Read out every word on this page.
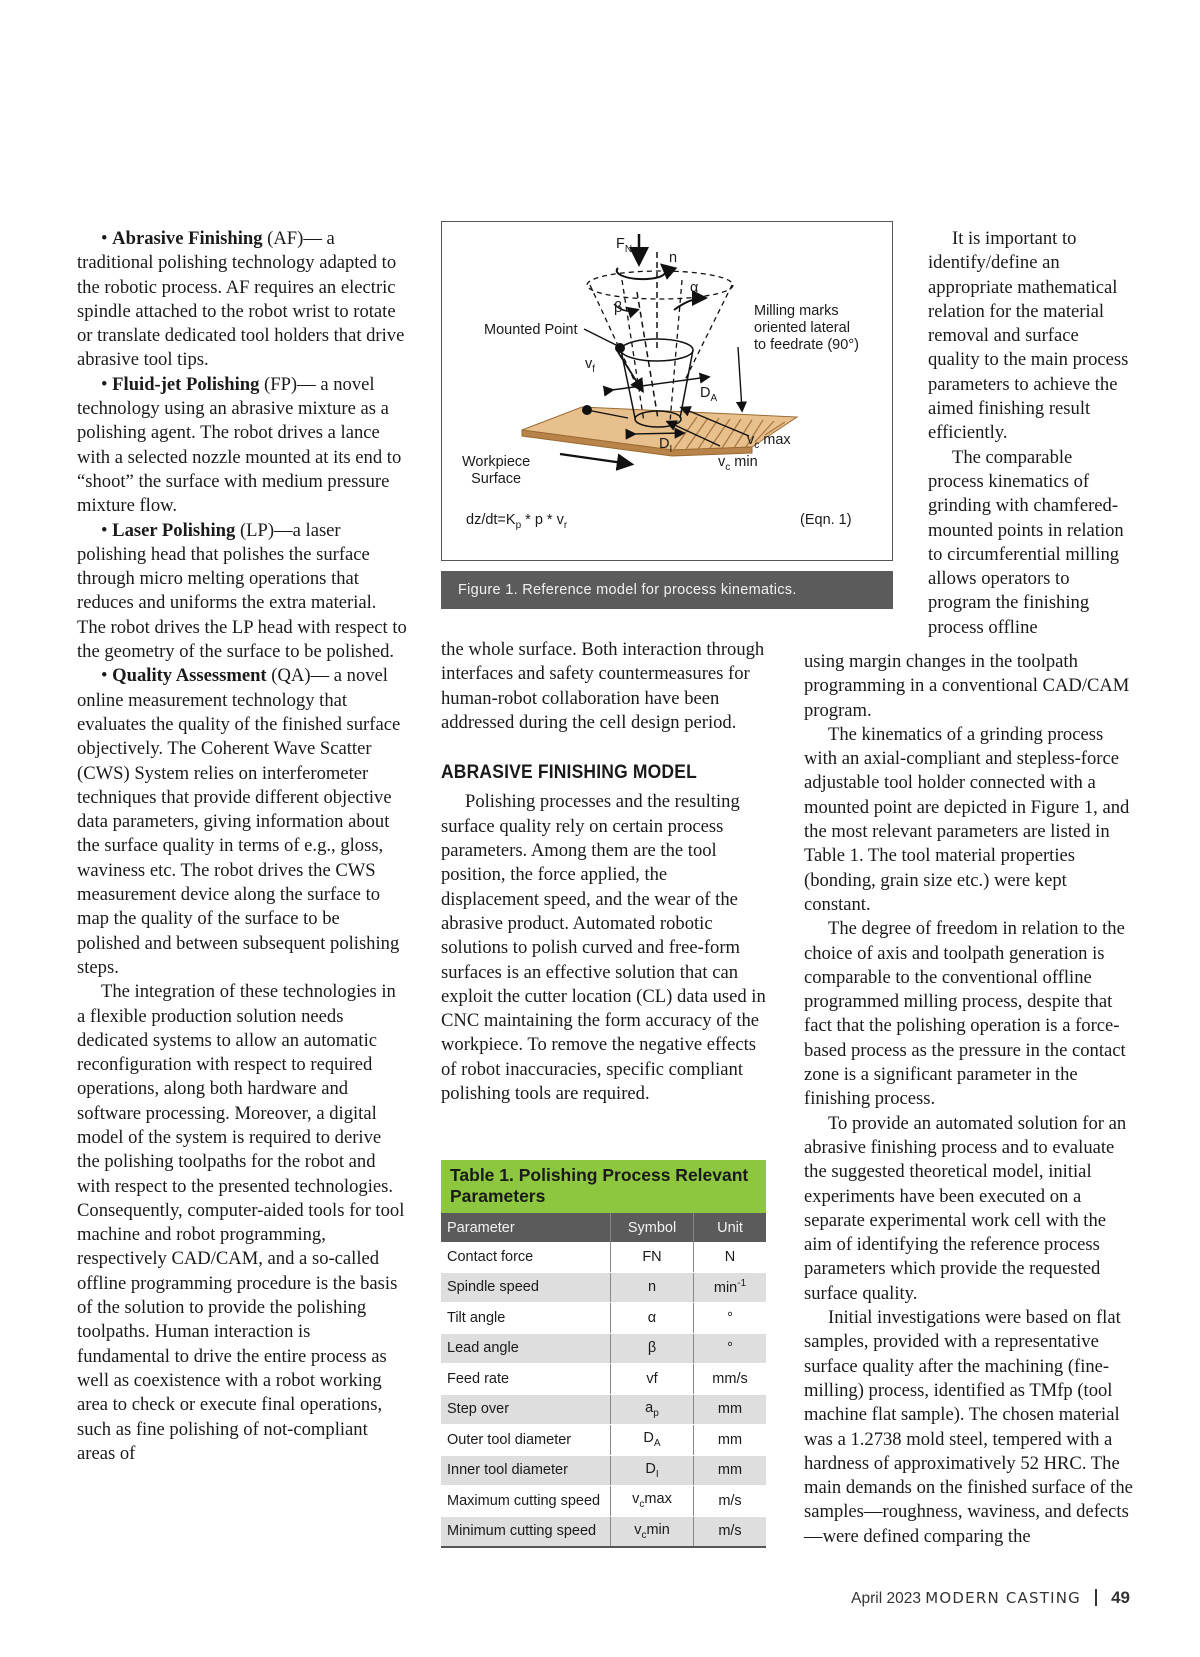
• Abrasive Finishing (AF)— a traditional polishing technology adapted to the robotic process. AF requires an electric spindle attached to the robot wrist to rotate or translate dedicated tool holders that drive abrasive tool tips.

• Fluid-jet Polishing (FP)— a novel technology using an abrasive mixture as a polishing agent. The robot drives a lance with a selected nozzle mounted at its end to “shoot” the surface with medium pressure mixture flow.

• Laser Polishing (LP)—a laser polishing head that polishes the surface through micro melting operations that reduces and uniforms the extra material. The robot drives the LP head with respect to the geometry of the surface to be polished.

• Quality Assessment (QA)— a novel online measurement technology that evaluates the quality of the finished surface objectively. The Coherent Wave Scatter (CWS) System relies on interferometer techniques that provide different objective data parameters, giving information about the surface quality in terms of e.g., gloss, waviness etc. The robot drives the CWS measurement device along the surface to map the quality of the surface to be polished and between subsequent polishing steps.

The integration of these technologies in a flexible production solution needs dedicated systems to allow an automatic reconfiguration with respect to required operations, along both hardware and software processing. Moreover, a digital model of the system is required to derive the polishing toolpaths for the robot and with respect to the presented technologies. Consequently, computer-aided tools for tool machine and robot programming, respectively CAD/CAM, and a so-called offline programming procedure is the basis of the solution to provide the polishing toolpaths. Human interaction is fundamental to drive the entire process as well as coexistence with a robot working area to check or execute final operations, such as fine polishing of not-compliant areas of

$F_N$
n
β
α
Mounted Point
Milling marks
oriented lateral
to feedrate (90°)
$v_f$
$D_A$
$D_I$
$v_c$ max
$v_c$ min
Workpiece
Surface
$dz/dt=K_p * p * v_r$	(Eqn. 1)
Figure 1. Reference model for process kinematics.

the whole surface. Both interaction through interfaces and safety countermeasures for human-robot collaboration have been addressed during the cell design period.

ABRASIVE FINISHING MODEL

Polishing processes and the resulting surface quality rely on certain process parameters. Among them are the tool position, the force applied, the displacement speed, and the wear of the abrasive product. Automated robotic solutions to polish curved and free-form surfaces is an effective solution that can exploit the cutter location (CL) data used in CNC maintaining the form accuracy of the workpiece. To remove the negative effects of robot inaccuracies, specific compliant polishing tools are required.

Table 1. Polishing Process Relevant Parameters
Parameter	Symbol	Unit
Contact force	FN	N
Spindle speed	n	$\min^{-1}$
Tilt angle	α	°
Lead angle	β	°
Feed rate	vf	mm/s
Step over	$a_p$	mm
Outer tool diameter	$D_A$	mm
Inner tool diameter	$D_I$	mm
Maximum cutting speed	$v_c\max$	m/s
Minimum cutting speed	$v_c\min$	m/s

It is important to identify/define an appropriate mathematical relation for the material removal and surface quality to the main process parameters to achieve the aimed finishing result efficiently.

The comparable process kinematics of grinding with chamfered-mounted points in relation to circumferential milling allows operators to program the finishing process offline

using margin changes in the toolpath programming in a conventional CAD/CAM program.

The kinematics of a grinding process with an axial-compliant and stepless-force adjustable tool holder connected with a mounted point are depicted in Figure 1, and the most relevant parameters are listed in Table 1. The tool material properties (bonding, grain size etc.) were kept constant.

The degree of freedom in relation to the choice of axis and toolpath generation is comparable to the conventional offline programmed milling process, despite that fact that the polishing operation is a force-based process as the pressure in the contact zone is a significant parameter in the finishing process.

To provide an automated solution for an abrasive finishing process and to evaluate the suggested theoretical model, initial experiments have been executed on a separate experimental work cell with the aim of identifying the reference process parameters which provide the requested surface quality.

Initial investigations were based on flat samples, provided with a representative surface quality after the machining (fine-milling) process, identified as TMfp (tool machine flat sample). The chosen material was a 1.2738 mold steel, tempered with a hardness of approximatively 52 HRC. The main demands on the finished surface of the samples—roughness, waviness, and defects—were defined comparing the

April 2023 MODERN CASTING 49
